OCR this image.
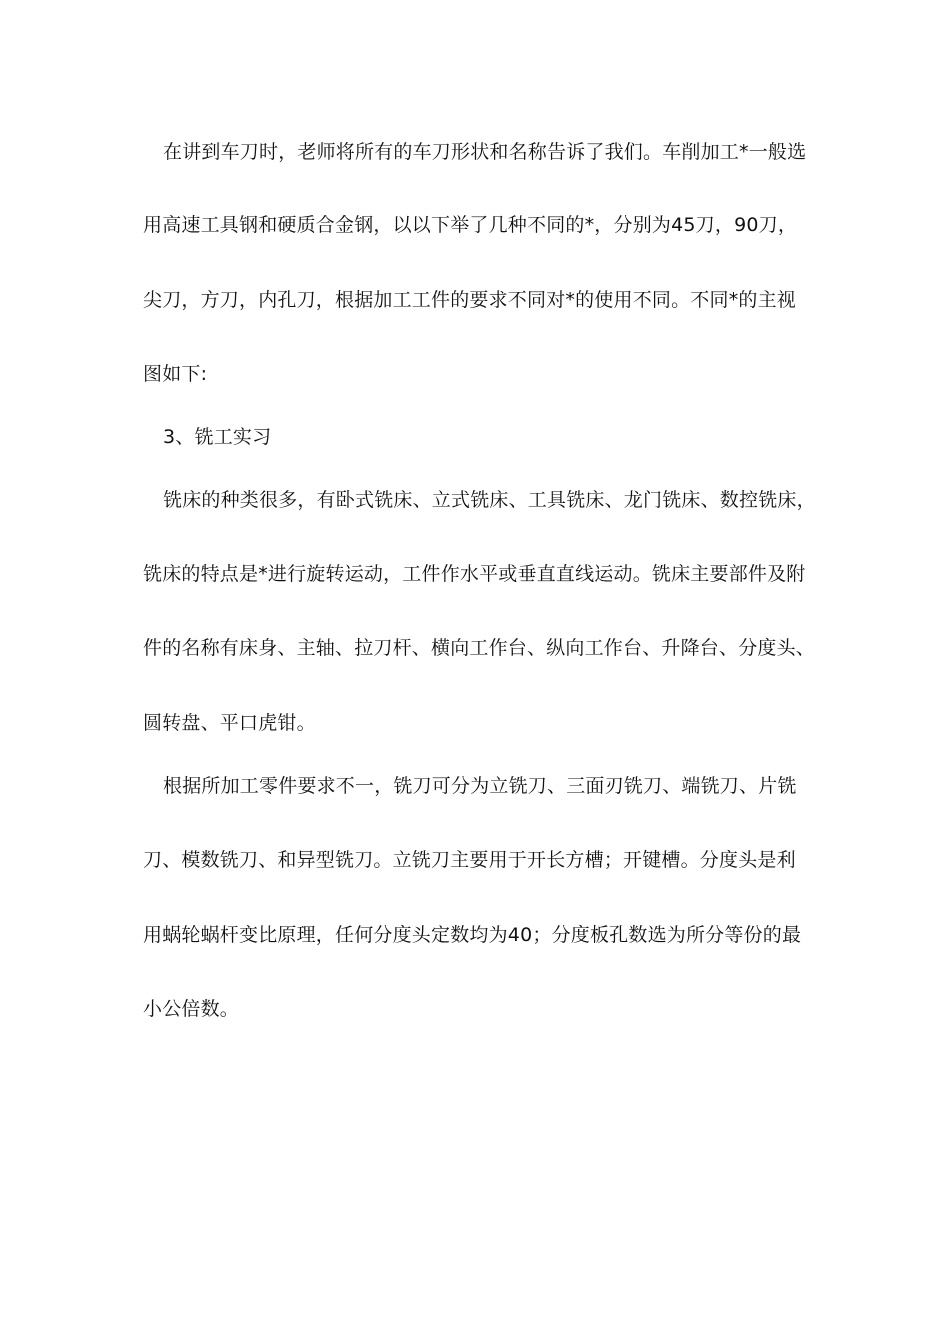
在讲到车刀时，老师将所有的车刀形状和名称告诉了我们。车削加工*一般选
用高速工具钢和硬质合金钢，以以下举了几种不同的*，分别为45刀，90刀，
尖刀，方刀，内孔刀，根据加工工件的要求不同对*的使用不同。不同*的主视
图如下:
3、铣工实习
铣床的种类很多，有卧式铣床、立式铣床、工具铣床、龙门铣床、数控铣床，
铣床的特点是*进行旋转运动，工件作水平或垂直直线运动。铣床主要部件及附
件的名称有床身、主轴、拉刀杆、横向工作台、纵向工作台、升降台、分度头、
圆转盘、平口虎钳。
根据所加工零件要求不一，铣刀可分为立铣刀、三面刃铣刀、端铣刀、片铣
刀、模数铣刀、和异型铣刀。立铣刀主要用于开长方槽；开键槽。分度头是利
用蜗轮蜗杆变比原理，任何分度头定数均为40；分度板孔数选为所分等份的最
小公倍数。
